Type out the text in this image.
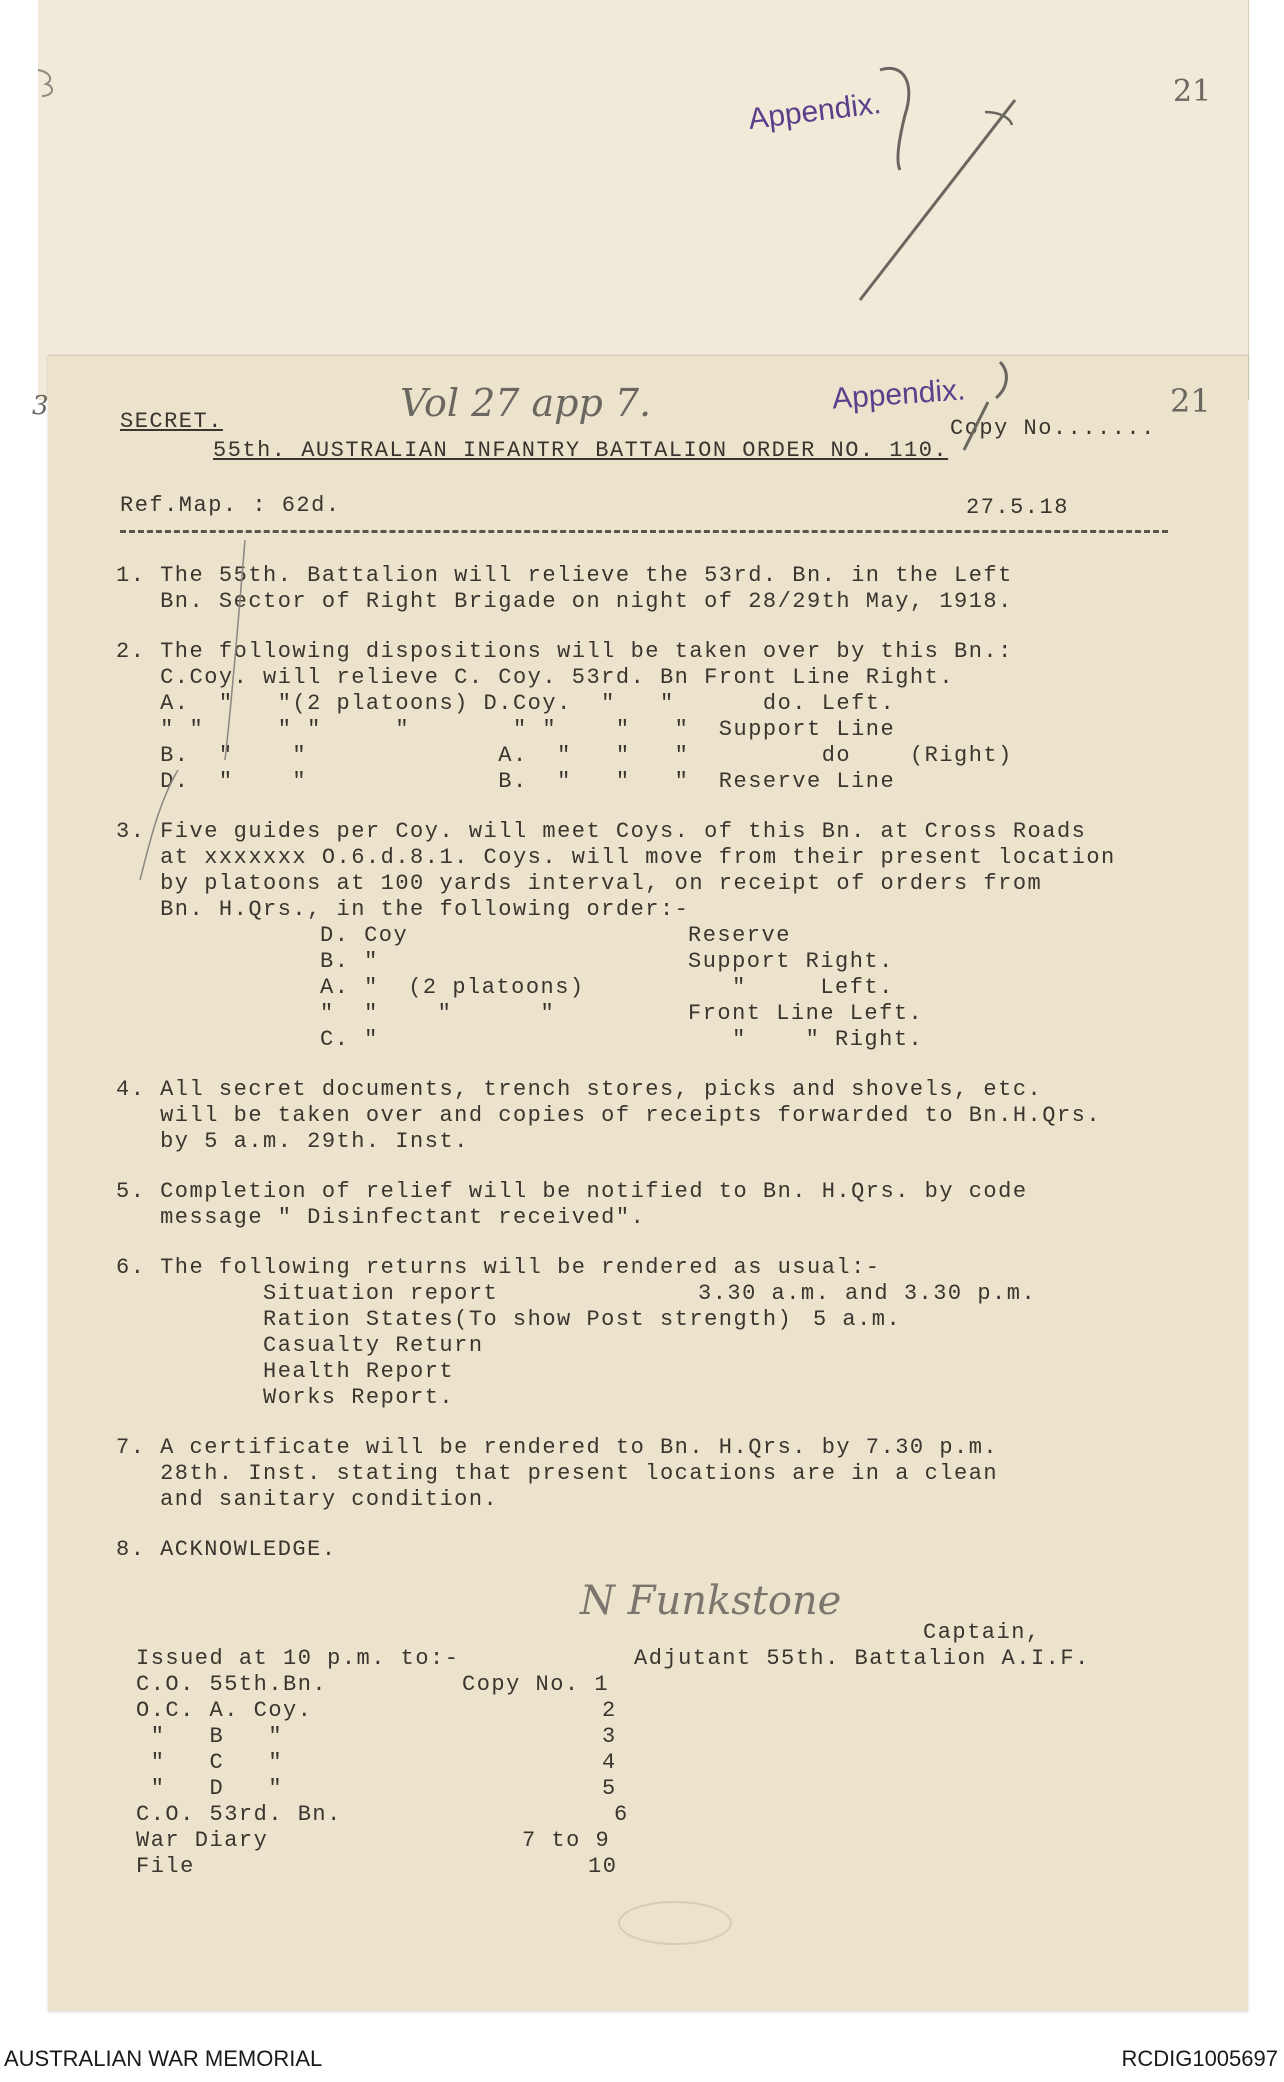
Appendix.	21
3	Vol 27 app 7.	Appendix.	21
SECRET.	Copy No.......
55th. AUSTRALIAN INFANTRY BATTALION ORDER NO. 110.
Ref.Map. : 62d.	27.5.18
1. The 55th. Battalion will relieve the 53rd. Bn. in the Left
Bn. Sector of Right Brigade on night of 28/29th May, 1918.
2. The following dispositions will be taken over by this Bn.:
C.Coy. will relieve C. Coy. 53rd. Bn Front Line Right.
A.  "   "(2 platoons) D.Coy.  "   "      do. Left.
" "     " "     "       " "    "   "  Support Line
B.  "    "             A.  "   "   "         do    (Right)
D.  "    "             B.  "   "   "  Reserve Line
3. Five guides per Coy. will meet Coys. of this Bn. at Cross Roads
at xxxxxxx O.6.d.8.1. Coys. will move from their present location
by platoons at 100 yards interval, on receipt of orders from
Bn. H.Qrs., in the following order:-
D. Coy	Reserve
B. "	Support Right.
A. "  (2 platoons)	"     Left.
"  "    "      "	Front Line Left.
C. "	"    " Right.
4. All secret documents, trench stores, picks and shovels, etc.
will be taken over and copies of receipts forwarded to Bn.H.Qrs.
by 5 a.m. 29th. Inst.
5. Completion of relief will be notified to Bn. H.Qrs. by code
message " Disinfectant received".
6. The following returns will be rendered as usual:-
Situation report	3.30 a.m. and 3.30 p.m.
Ration States(To show Post strength) 5 a.m.
Casualty Return
Health Report
Works Report.
7. A certificate will be rendered to Bn. H.Qrs. by 7.30 p.m.
28th. Inst. stating that present locations are in a clean
and sanitary condition.
8. ACKNOWLEDGE.
N Funkstone
Captain,
Adjutant 55th. Battalion A.I.F.
Issued at 10 p.m. to:-
C.O. 55th.Bn.	Copy No. 1
O.C. A. Coy.	2
"   B   "	3
"   C   "	4
"   D   "	5
C.O. 53rd. Bn.	6
War Diary	7 to 9
File	10
AUSTRALIAN WAR MEMORIAL	RCDIG1005697
